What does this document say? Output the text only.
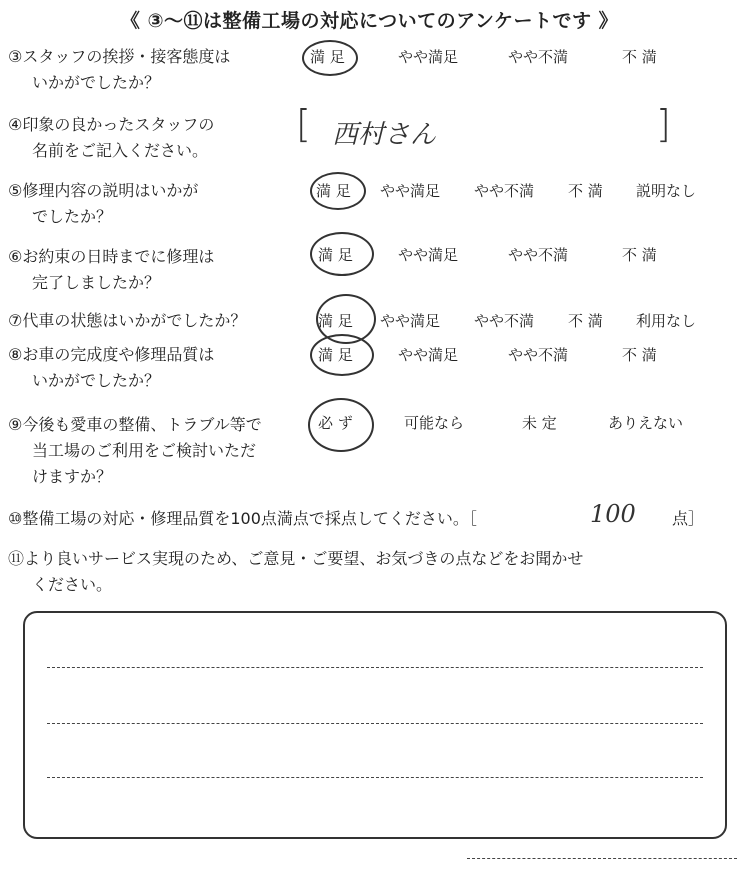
《 ③〜⑪は整備工場の対応についてのアンケートです 》
③スタッフの挨拶・接客態度は
いかがでしたか？
満 足	やや満足	やや不満	不 満
④印象の良かったスタッフの
名前をご記入ください。
[ 西村さん	]
⑤修理内容の説明はいかが
でしたか？
満 足 やや満足 やや不満 不 満 説明なし
⑥お約束の日時までに修理は
完了しましたか？
満 足	やや満足	やや不満	不 満
⑦代車の状態はいかがでしたか？	満 足 やや満足 やや不満 不 満 利用なし
⑧お車の完成度や修理品質は
いかがでしたか？
満 足	やや満足	やや不満	不 満
⑨今後も愛車の整備、トラブル等で
当工場のご利用をご検討いただ
けますか？
必 ず	可能なら	未 定	ありえない
⑩整備工場の対応・修理品質を100点満点で採点してください。［	100 点］
⑪より良いサービス実現のため、ご意見・ご要望、お気づきの点などをお聞かせ
ください。
